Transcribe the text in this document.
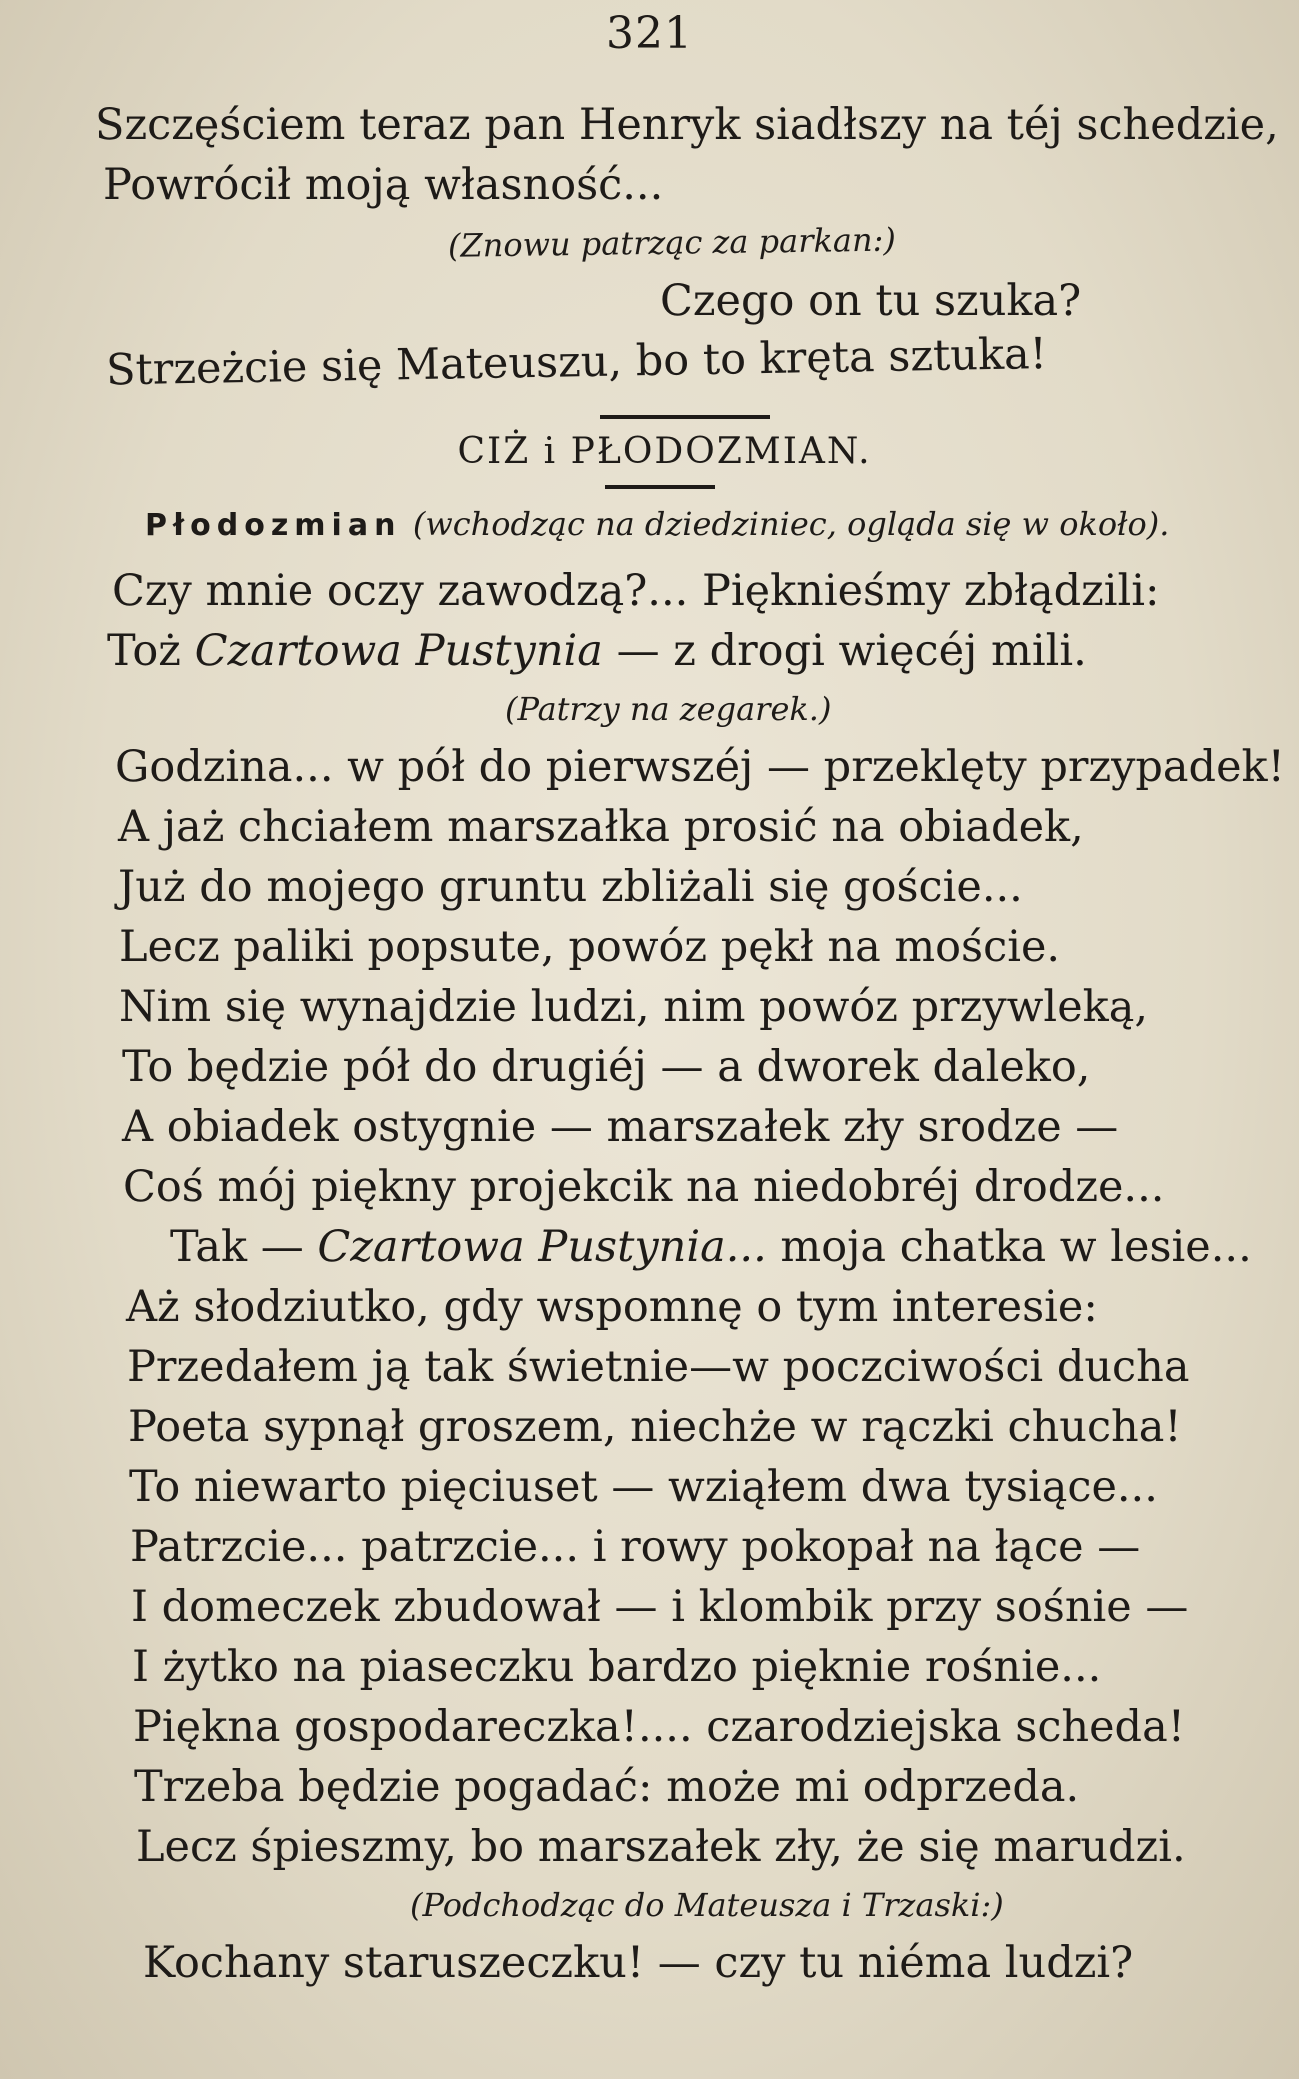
321
Szczęściem teraz pan Henryk siadłszy na téj schedzie,
Powrócił moją własność...
(Znowu patrząc za parkan:)
Czego on tu szuka?
Strzeżcie się Mateuszu, bo to kręta sztuka!
CIŻ i PŁODOZMIAN.
Płodozmian (wchodząc na dziedziniec, ogląda się w około).
Czy mnie oczy zawodzą?... Pięknieśmy zbłądzili:
Toż Czartowa Pustynia — z drogi więcéj mili.
(Patrzy na zegarek.)
Godzina... w pół do pierwszéj — przeklęty przypadek!
A jaż chciałem marszałka prosić na obiadek,
Już do mojego gruntu zbliżali się goście...
Lecz paliki popsute, powóz pękł na moście.
Nim się wynajdzie ludzi, nim powóz przywleką,
To będzie pół do drugiéj — a dworek daleko,
A obiadek ostygnie — marszałek zły srodze —
Coś mój piękny projekcik na niedobréj drodze...
Tak — Czartowa Pustynia... moja chatka w lesie...
Aż słodziutko, gdy wspomnę o tym interesie:
Przedałem ją tak świetnie—w poczciwości ducha
Poeta sypnął groszem, niechże w rączki chucha!
To niewarto pięciuset — wziąłem dwa tysiące...
Patrzcie... patrzcie... i rowy pokopał na łące —
I domeczek zbudował — i klombik przy sośnie —
I żytko na piaseczku bardzo pięknie rośnie...
Piękna gospodareczka!.... czarodziejska scheda!
Trzeba będzie pogadać: może mi odprzeda.
Lecz śpieszmy, bo marszałek zły, że się marudzi.
(Podchodząc do Mateusza i Trzaski:)
Kochany staruszeczku! — czy tu niéma ludzi?
